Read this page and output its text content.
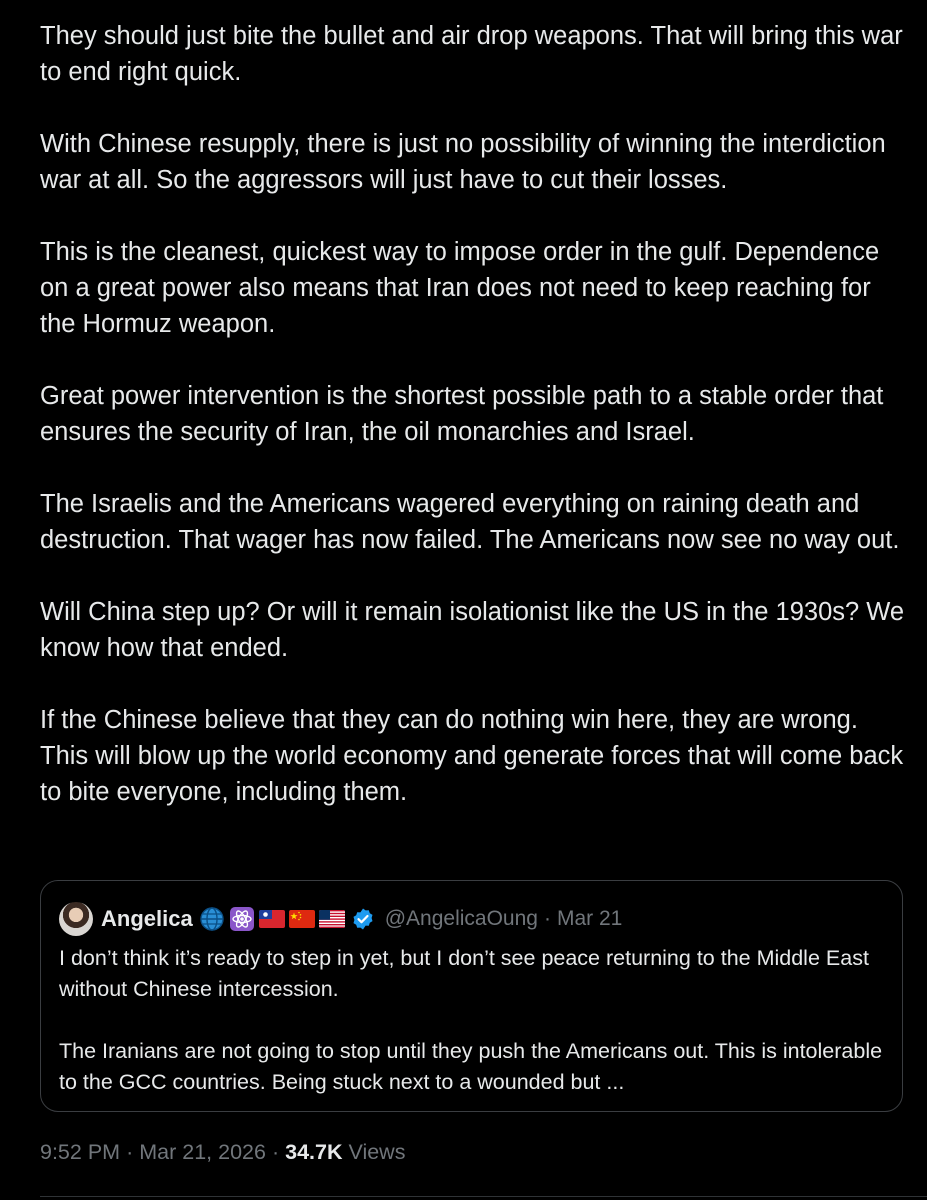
They should just bite the bullet and air drop weapons. That will bring this war to end right quick.

With Chinese resupply, there is just no possibility of winning the interdiction war at all. So the aggressors will just have to cut their losses.

This is the cleanest, quickest way to impose order in the gulf. Dependence on a great power also means that Iran does not need to keep reaching for the Hormuz weapon.

Great power intervention is the shortest possible path to a stable order that ensures the security of Iran, the oil monarchies and Israel.

The Israelis and the Americans wagered everything on raining death and destruction. That wager has now failed. The Americans now see no way out.

Will China step up? Or will it remain isolationist like the US in the 1930s? We know how that ended.

If the Chinese believe that they can do nothing win here, they are wrong. This will blow up the world economy and generate forces that will come back to bite everyone, including them.

Angelica	@AngelicaOung · Mar 21

I don’t think it’s ready to step in yet, but I don’t see peace returning to the Middle East without Chinese intercession.

The Iranians are not going to stop until they push the Americans out. This is intolerable to the GCC countries. Being stuck next to a wounded but ...

9:52 PM · Mar 21, 2026 · 34.7K Views
